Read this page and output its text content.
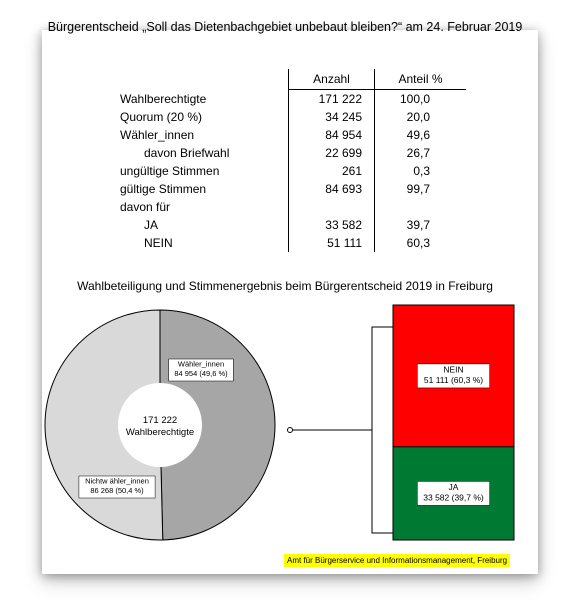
Bürgerentscheid „Soll das Dietenbachgebiet unbebaut bleiben?“ am 24. Februar 2019
	Anzahl	Anteil %
Wahlberechtigte	171 222	100,0
Quorum (20 %)	34 245	20,0
Wähler_innen	84 954	49,6
davon Briefwahl	22 699	26,7
ungültige Stimmen	261	0,3
gültige Stimmen	84 693	99,7
davon für		
JA	33 582	39,7
NEIN	51 111	60,3
Wahlbeteiligung und Stimmenergebnis beim Bürgerentscheid 2019 in Freiburg
171 222
Wahlberechtigte
Wähler_innen
84 954 (49,6 %)
Nichtw ähler_innen
86 268 (50,4 %)
NEIN
51 111 (60,3 %)
JA
33 582 (39,7 %)
Amt für Bürgerservice und Informationsmanagement, Freiburg
